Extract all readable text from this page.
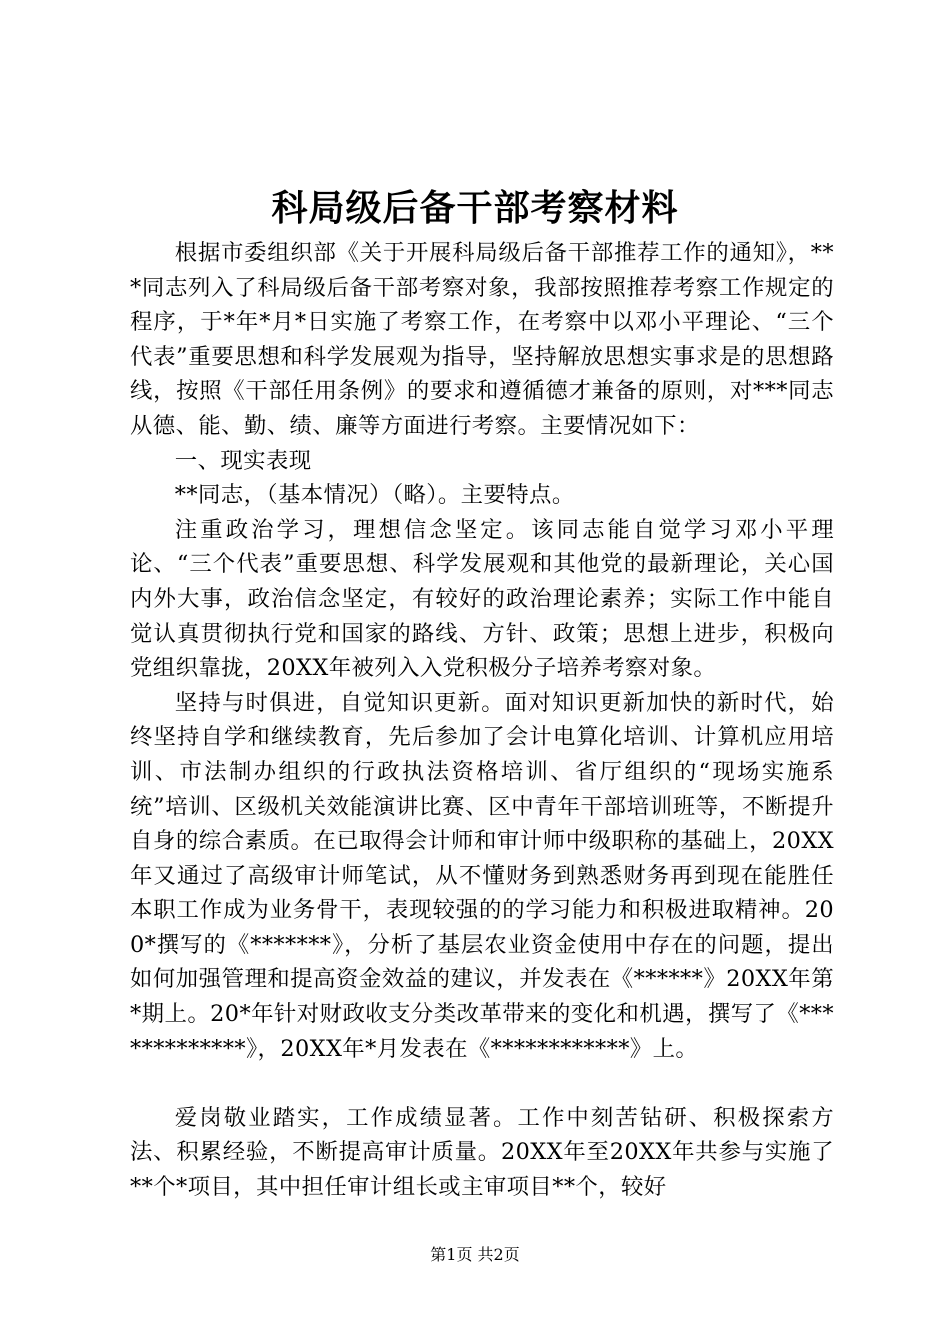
科局级后备干部考察材料

根据市委组织部《关于开展科局级后备干部推荐工作的通知》，***同志列入了科局级后备干部考察对象，我部按照推荐考察工作规定的程序，于*年*月*日实施了考察工作，在考察中以邓小平理论、“三个代表”重要思想和科学发展观为指导，坚持解放思想实事求是的思想路线，按照《干部任用条例》的要求和遵循德才兼备的原则，对***同志从德、能、勤、绩、廉等方面进行考察。主要情况如下：

一、现实表现

**同志，（基本情况）（略）。主要特点。

注重政治学习，理想信念坚定。该同志能自觉学习邓小平理论、“三个代表”重要思想、科学发展观和其他党的最新理论，关心国内外大事，政治信念坚定，有较好的政治理论素养；实际工作中能自觉认真贯彻执行党和国家的路线、方针、政策；思想上进步，积极向党组织靠拢，20XX年被列入入党积极分子培养考察对象。

坚持与时俱进，自觉知识更新。面对知识更新加快的新时代，始终坚持自学和继续教育，先后参加了会计电算化培训、计算机应用培训、市法制办组织的行政执法资格培训、省厅组织的“现场实施系统”培训、区级机关效能演讲比赛、区中青年干部培训班等，不断提升自身的综合素质。在已取得会计师和审计师中级职称的基础上，20XX年又通过了高级审计师笔试，从不懂财务到熟悉财务再到现在能胜任本职工作成为业务骨干，表现较强的的学习能力和积极进取精神。200*撰写的《*******》，分析了基层农业资金使用中存在的问题，提出如何加强管理和提高资金效益的建议，并发表在《******》20XX年第*期上。20*年针对财政收支分类改革带来的变化和机遇，撰写了《*************》，20XX年*月发表在《************》上。

爱岗敬业踏实，工作成绩显著。工作中刻苦钻研、积极探索方法、积累经验，不断提高审计质量。20XX年至20XX年共参与实施了**个*项目，其中担任审计组长或主审项目**个，较好

第1页 共2页
